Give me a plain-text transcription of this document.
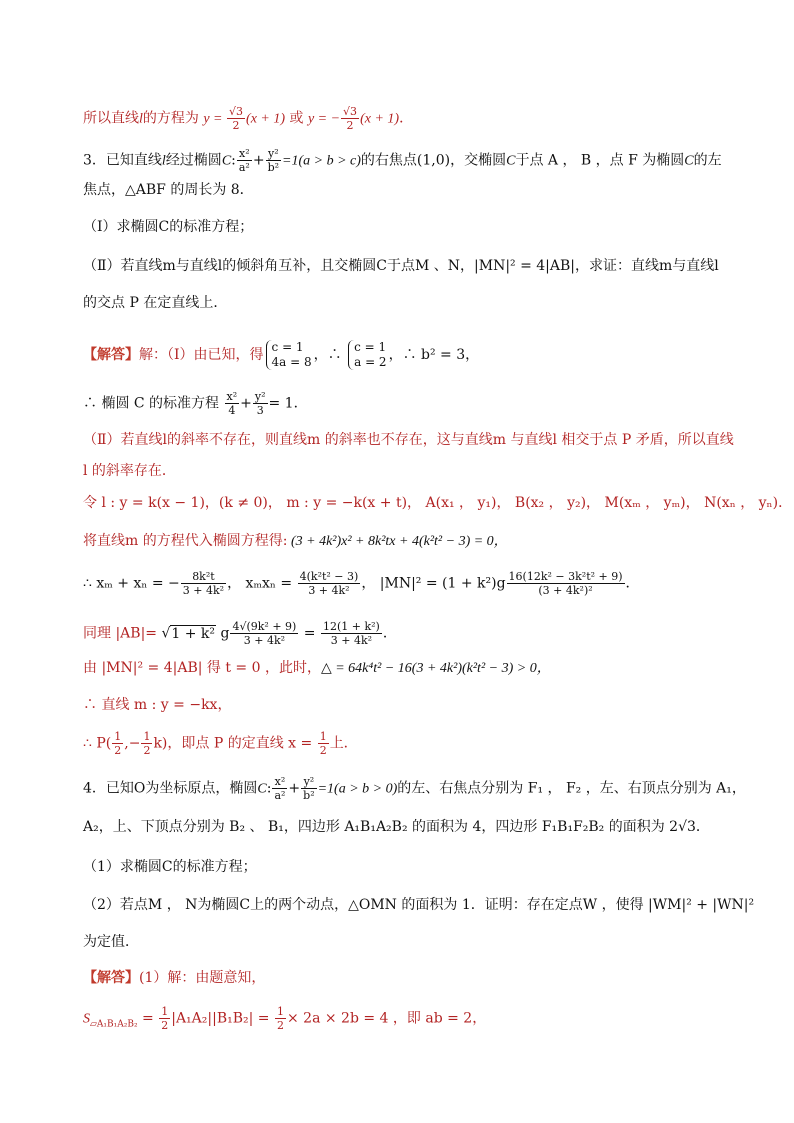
所以直线l的方程为 $y = \frac{√3}{2} (x + 1)$ 或 y = − $\frac{√3}{2} (x + 1)$．
3．已知直线l经过椭圆C: $\frac{\text{x²}}{\text{a²}} + \frac{\text{y²}}{\text{b²}} =1(a > b > c)$的右焦点(1,0)，交椭圆C于点 A ， B ，点 F 为椭圆C的左
焦点，△ABF 的周长为 8．
（Ⅰ）求椭圆C的标准方程；
（Ⅱ）若直线m与直线l的倾斜角互补，且交椭圆C于点M 、N，|MN|² = 4|AB|，求证：直线m与直线l
的交点 P 在定直线上．
【解答】解：（Ⅰ）由已知，得 c = 1
4a = 8 ，∴ c = 1
a = 2 ，∴ b² = 3，
∴ 椭圆 C 的标准方程 $\frac{\text{x²}}{4} + \frac{\text{y²}}{3} = 1$．
（Ⅱ）若直线l的斜率不存在，则直线m 的斜率也不存在，这与直线m 与直线l 相交于点 P 矛盾，所以直线
l 的斜率存在．
令 l : y = k(x − 1)，(k ≠ 0)， m : y = −k(x + t)， A(x₁ ， y₁)， B(x₂ ， y₂)， M(xₘ ， yₘ)， N(xₙ ， yₙ)．
将直线m 的方程代入椭圆方程得: (3 + 4k²)x² + 8k²tx + 4(k²t² − 3) = 0，
∴ xₘ + xₙ = − $\frac{\text{8k²t}}{\text{3 + 4k²}}$ ， $x_mx_n = \frac{\text{4(k²t² − 3)}}{\text{3 + 4k²}}$ ， $|MN|^2 = (1 + k^2)g \frac{\text{16(12k² − 3k²t² + 9)}}{\text{(3 + 4k²)²}}$ ．
同理 |AB|= √1 + k² g $\frac{\text{4√(9k² + 9)}}{\text{3 + 4k²}} = \frac{\text{12(1 + k²)}}{\text{3 + 4k²}}$ ．
由 |MN|² = 4|AB| 得 t = 0 ，此时，△ = 64k⁴t² − 16(3 + 4k²)(k²t² − 3) > 0，
∴ 直线 m : y = −kx，
∴ $P( \frac{1}{2}$ ,− $\frac{1}{2} k$)，即点 P 的定直线 $x = \frac{1}{2}$ 上．
4．已知O为坐标原点，椭圆C: $\frac{\text{x²}}{\text{a²}} + \frac{\text{y²}}{\text{b²}} =1(a > b > 0)$的左、右焦点分别为 F₁ ， F₂ ，左、右顶点分别为 A₁，
A₂，上、下顶点分别为 B₂ 、 B₁，四边形 A₁B₁A₂B₂ 的面积为 4，四边形 F₁B₁F₂B₂ 的面积为 2√3．
（1）求椭圆C的标准方程；
（2）若点M ， N为椭圆C上的两个动点，△OMN 的面积为 1．证明：存在定点W ，使得 |WM|² + |WN|²
为定值．
【解答】(1）解：由题意知，
$S_{▱A_1B_1A_2B_2} = \frac{1}{2} |A_1A_2||B_1B_2| = \frac{1}{2} \times 2a \times 2b = 4$ ，即 ab = 2，
